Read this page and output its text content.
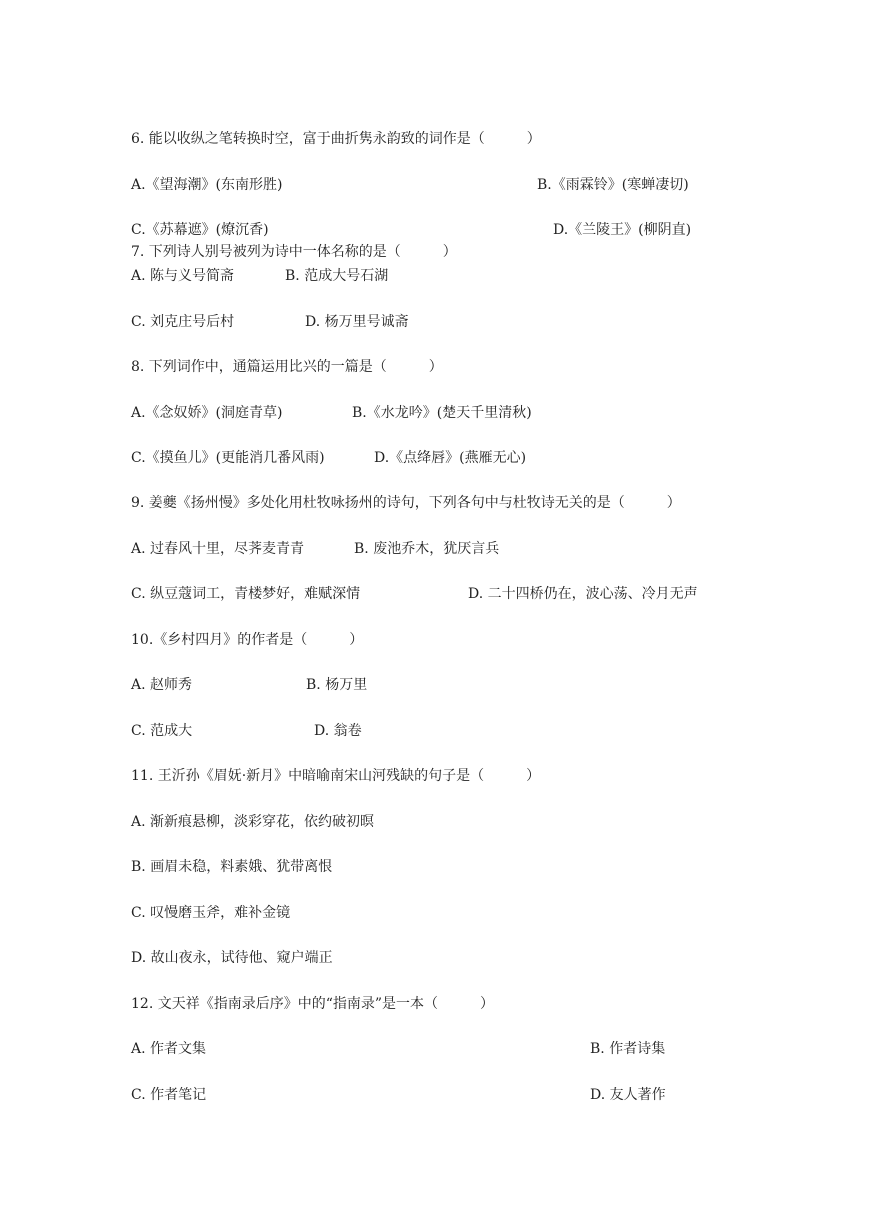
6. 能以收纵之笔转换时空，富于曲折隽永韵致的词作是（　　　）
A.《望海潮》(东南形胜)	B.《雨霖铃》(寒蝉凄切)
C.《苏幕遮》(燎沉香)	D.《兰陵王》(柳阴直)
7. 下列诗人别号被列为诗中一体名称的是（　　　）
A. 陈与义号简斋	B. 范成大号石湖
C. 刘克庄号后村	D. 杨万里号诚斋
8. 下列词作中，通篇运用比兴的一篇是（　　　）
A.《念奴娇》(洞庭青草)	B.《水龙吟》(楚天千里清秋)
C.《摸鱼儿》(更能消几番风雨)	D.《点绛唇》(燕雁无心)
9. 姜夔《扬州慢》多处化用杜牧咏扬州的诗句，下列各句中与杜牧诗无关的是（　　　）
A. 过春风十里，尽荠麦青青	B. 废池乔木，犹厌言兵
C. 纵豆蔻词工，青楼梦好，难赋深情	D. 二十四桥仍在，波心荡、冷月无声
10.《乡村四月》的作者是（　　　）
A. 赵师秀	B. 杨万里
C. 范成大	D. 翁卷
11. 王沂孙《眉妩·新月》中暗喻南宋山河残缺的句子是（　　　）
A. 渐新痕悬柳，淡彩穿花，依约破初暝
B. 画眉未稳，料素娥、犹带离恨
C. 叹慢磨玉斧，难补金镜
D. 故山夜永，试待他、窥户端正
12. 文天祥《指南录后序》中的“指南录”是一本（　　　）
A. 作者文集	B. 作者诗集
C. 作者笔记	D. 友人著作
